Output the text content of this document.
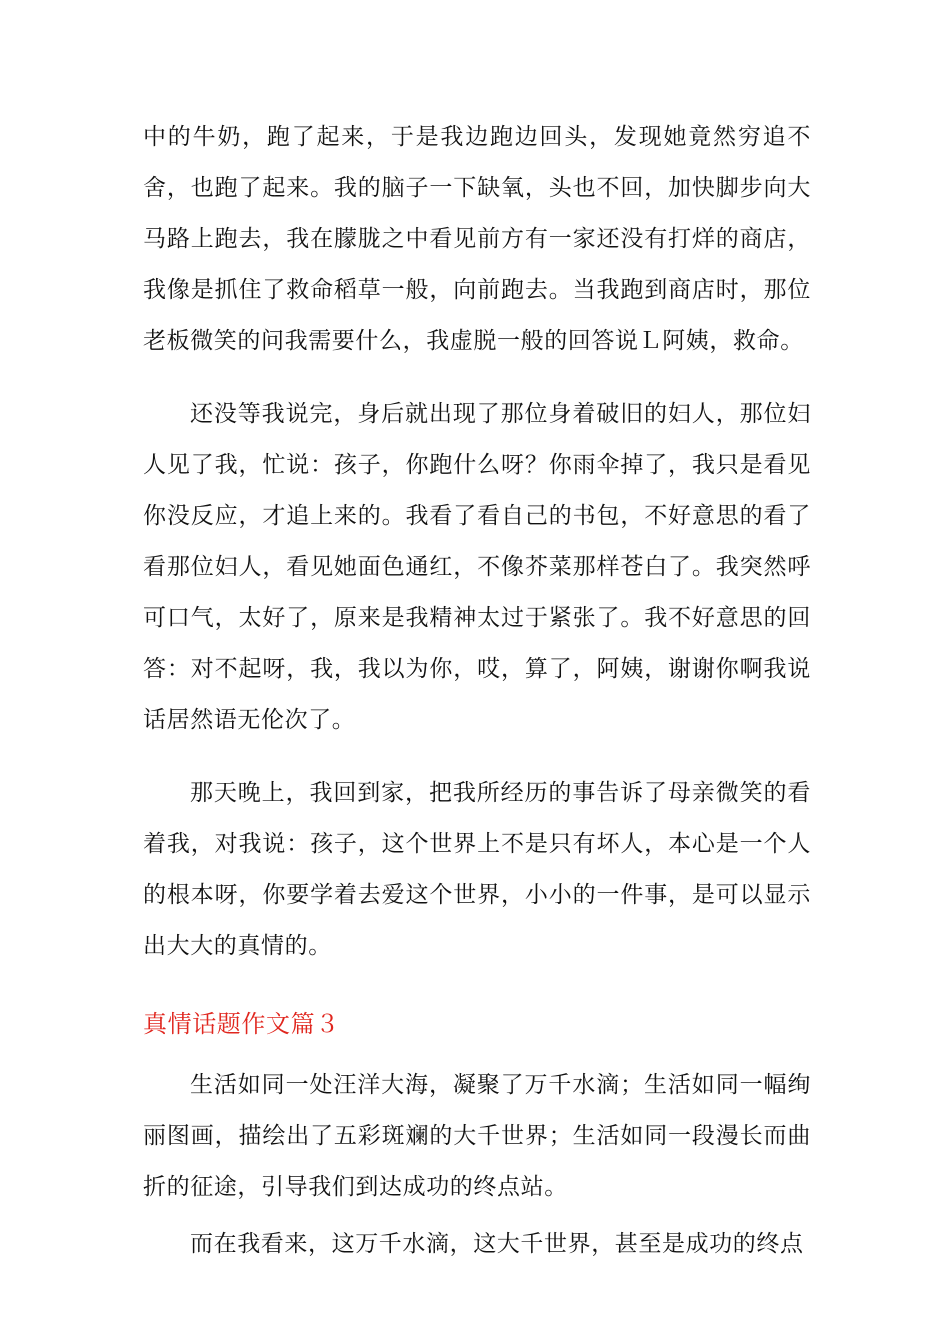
中的牛奶，跑了起来，于是我边跑边回头，发现她竟然穷追不舍，也跑了起来。我的脑子一下缺氧，头也不回，加快脚步向大马路上跑去，我在朦胧之中看见前方有一家还没有打烊的商店，我像是抓住了救命稻草一般，向前跑去。当我跑到商店时，那位老板微笑的问我需要什么，我虚脱一般的回答说Ｌ阿姨，救命。

还没等我说完，身后就出现了那位身着破旧的妇人，那位妇人见了我，忙说：孩子，你跑什么呀？你雨伞掉了，我只是看见你没反应，才追上来的。我看了看自己的书包，不好意思的看了看那位妇人，看见她面色通红，不像芥菜那样苍白了。我突然呼可口气，太好了，原来是我精神太过于紧张了。我不好意思的回答：对不起呀，我，我以为你，哎，算了，阿姨，谢谢你啊我说话居然语无伦次了。

那天晚上，我回到家，把我所经历的事告诉了母亲微笑的看着我，对我说：孩子，这个世界上不是只有坏人，本心是一个人的根本呀，你要学着去爱这个世界，小小的一件事，是可以显示出大大的真情的。

真情话题作文篇３

生活如同一处汪洋大海，凝聚了万千水滴；生活如同一幅绚丽图画，描绘出了五彩斑斓的大千世界；生活如同一段漫长而曲折的征途，引导我们到达成功的终点站。

而在我看来，这万千水滴，这大千世界，甚至是成功的终点
